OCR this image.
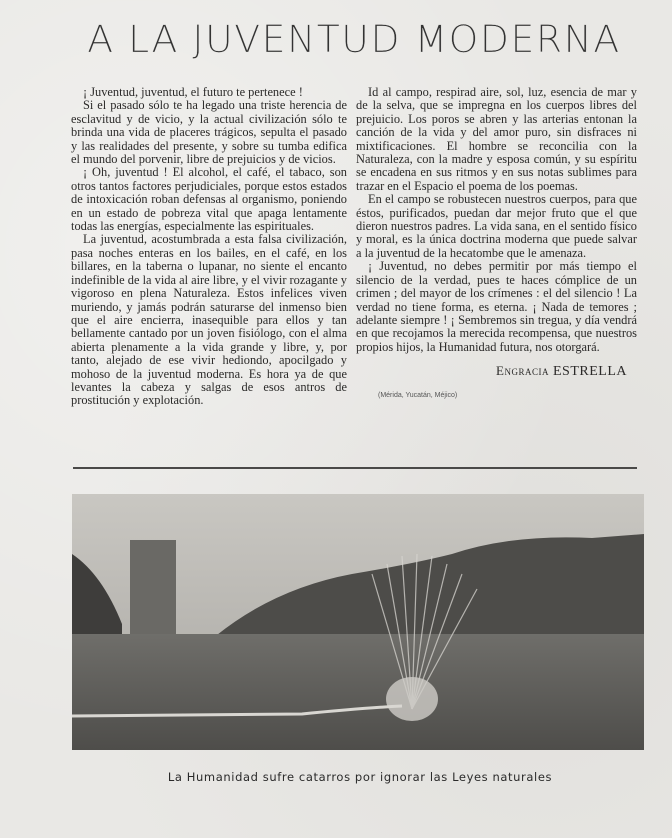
A LA JUVENTUD MODERNA

¡ Juventud, juventud, el futuro te pertenece !

Si el pasado sólo te ha legado una triste herencia de esclavitud y de vicio, y la actual civilización sólo te brinda una vida de placeres trágicos, sepulta el pasado y las realidades del presente, y sobre su tumba edifica el mundo del porvenir, libre de prejuicios y de vicios.

¡ Oh, juventud ! El alcohol, el café, el tabaco, son otros tantos factores perjudiciales, porque estos estados de intoxicación roban defensas al organismo, poniendo en un estado de pobreza vital que apaga lentamente todas las energías, especialmente las espirituales.

La juventud, acostumbrada a esta falsa civilización, pasa noches enteras en los bailes, en el café, en los billares, en la taberna o lupanar, no siente el encanto indefinible de la vida al aire libre, y el vivir rozagante y vigoroso en plena Naturaleza. Estos infelices viven muriendo, y jamás podrán saturarse del inmenso bien que el aire encierra, inasequible para ellos y tan bellamente cantado por un joven fisiólogo, con el alma abierta plenamente a la vida grande y libre, y, por tanto, alejado de ese vivir hediondo, apocilgado y mohoso de la juventud moderna. Es hora ya de que levantes la cabeza y salgas de esos antros de prostitución y explotación.

Id al campo, respirad aire, sol, luz, esencia de mar y de la selva, que se impregna en los cuerpos libres del prejuicio. Los poros se abren y las arterias entonan la canción de la vida y del amor puro, sin disfraces ni mixtificaciones. El hombre se reconcilia con la Naturaleza, con la madre y esposa común, y su espíritu se encadena en sus ritmos y en sus notas sublimes para trazar en el Espacio el poema de los poemas.

En el campo se robustecen nuestros cuerpos, para que éstos, purificados, puedan dar mejor fruto que el que dieron nuestros padres. La vida sana, en el sentido físico y moral, es la única doctrina moderna que puede salvar a la juventud de la hecatombe que le amenaza.

¡ Juventud, no debes permitir por más tiempo el silencio de la verdad, pues te haces cómplice de un crimen ; del mayor de los crímenes : el del silencio ! La verdad no tiene forma, es eterna. ¡ Nada de temores ; adelante siempre ! ¡ Sembremos sin tregua, y día vendrá en que recojamos la merecida recompensa, que nuestros propios hijos, la Humanidad futura, nos otorgará.

Engracia ESTRELLA
(Mérida, Yucatán, Méjico)
La Humanidad sufre catarros por ignorar las Leyes naturales
